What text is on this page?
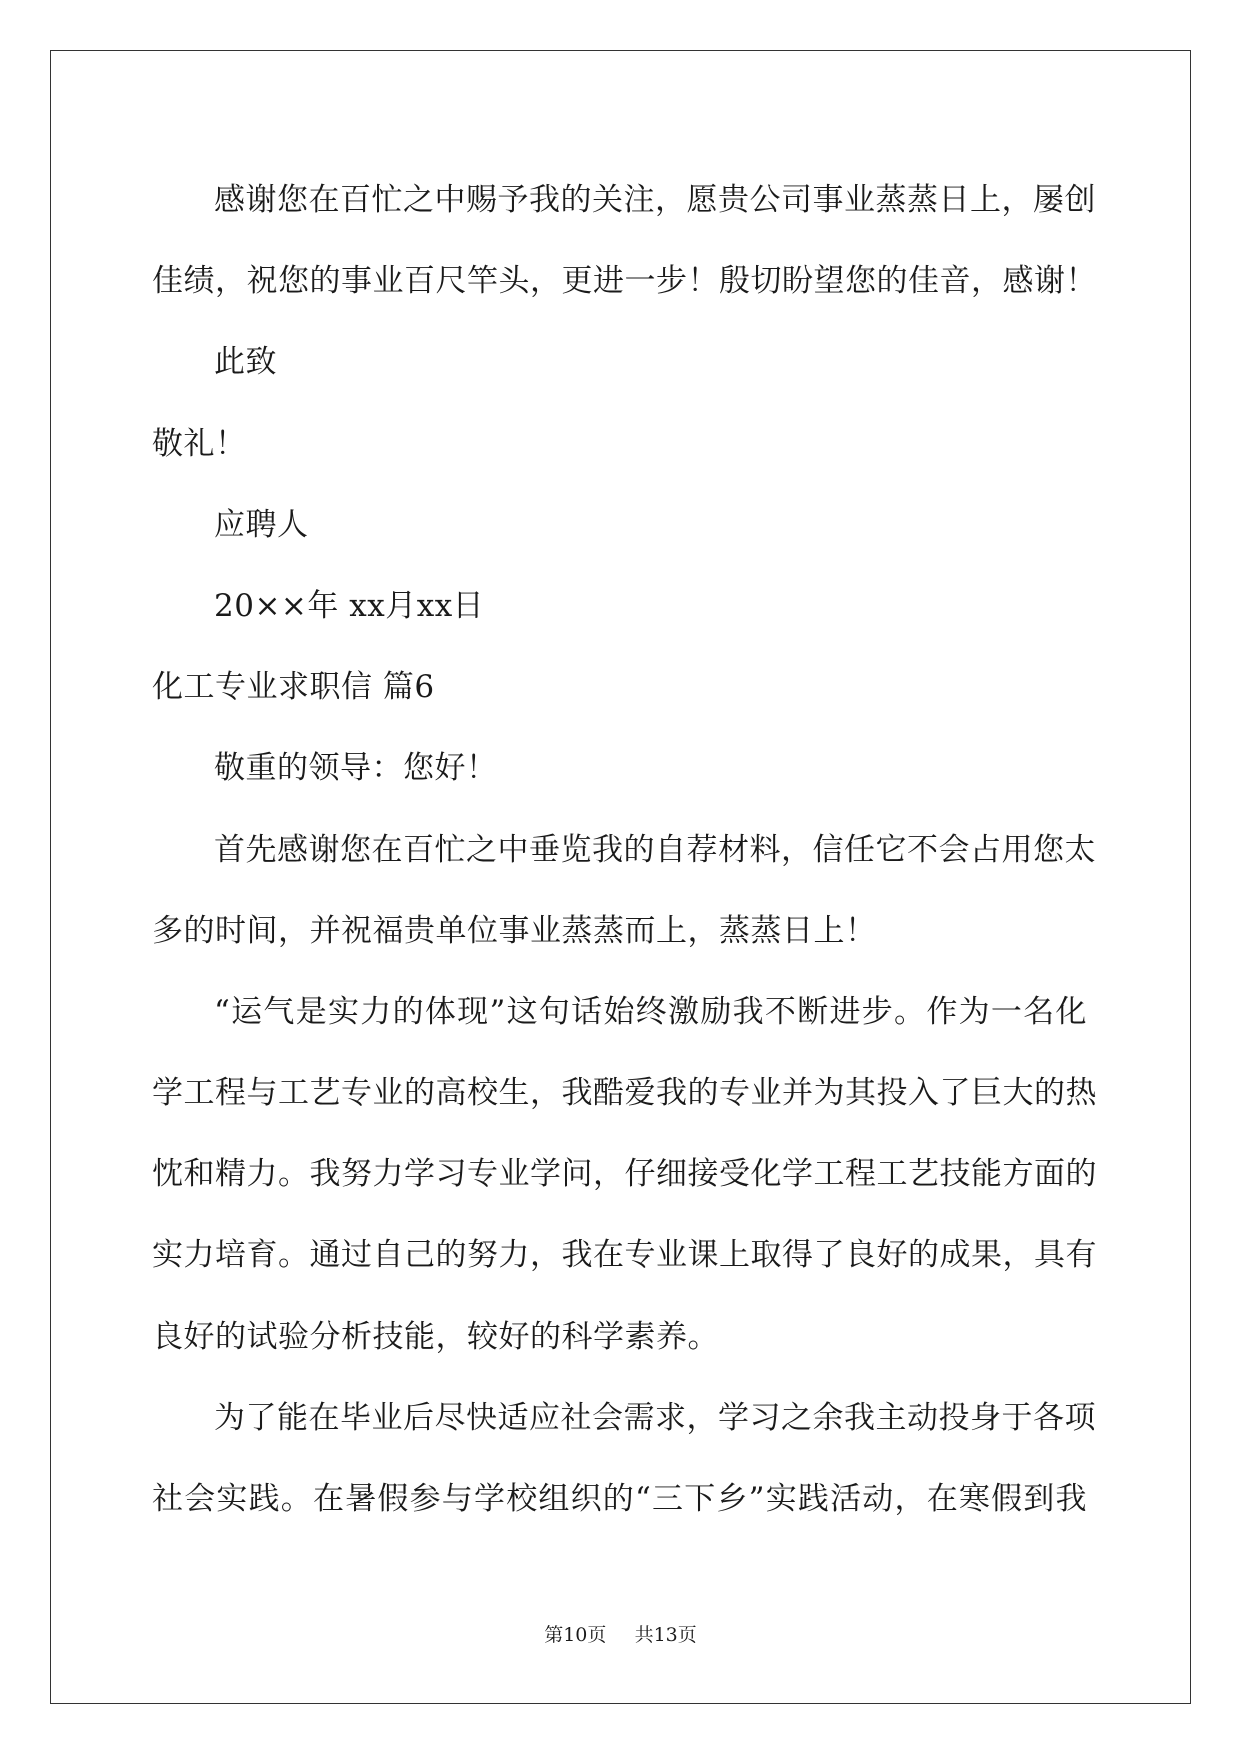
感谢您在百忙之中赐予我的关注，愿贵公司事业蒸蒸日上，屡创
佳绩，祝您的事业百尺竿头，更进一步！殷切盼望您的佳音，感谢！
此致
敬礼！
应聘人
20××年 xx月xx日
化工专业求职信 篇6
敬重的领导：您好！
首先感谢您在百忙之中垂览我的自荐材料，信任它不会占用您太
多的时间，并祝福贵单位事业蒸蒸而上，蒸蒸日上！
“运气是实力的体现”这句话始终激励我不断进步。作为一名化
学工程与工艺专业的高校生，我酷爱我的专业并为其投入了巨大的热
忱和精力。我努力学习专业学问，仔细接受化学工程工艺技能方面的
实力培育。通过自己的努力，我在专业课上取得了良好的成果，具有
良好的试验分析技能，较好的科学素养。
为了能在毕业后尽快适应社会需求，学习之余我主动投身于各项
社会实践。在暑假参与学校组织的“三下乡”实践活动，在寒假到我
第10页 共13页
